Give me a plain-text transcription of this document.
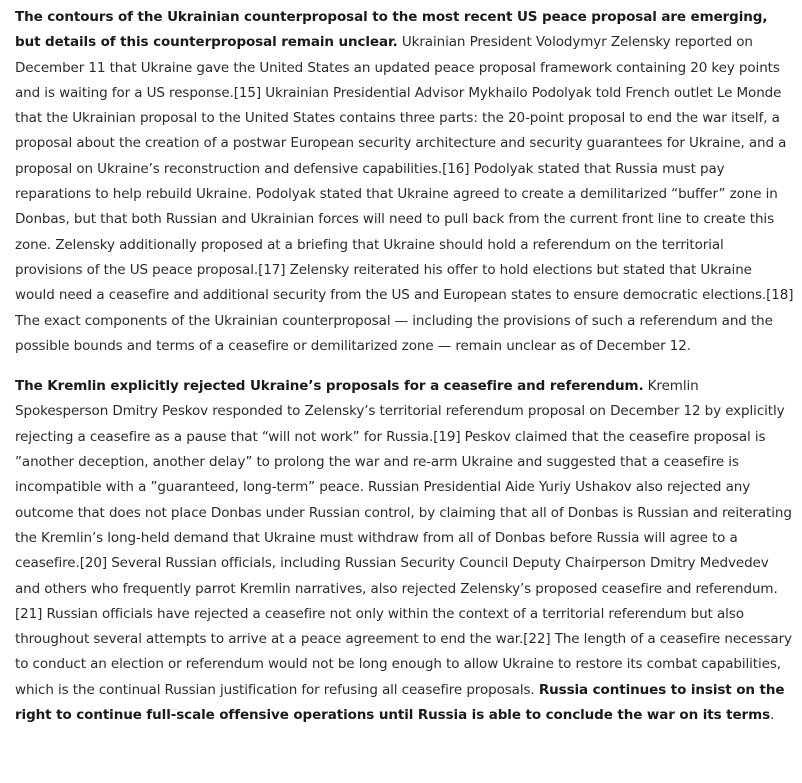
The contours of the Ukrainian counterproposal to the most recent US peace proposal are emerging, but details of this counterproposal remain unclear. Ukrainian President Volodymyr Zelensky reported on December 11 that Ukraine gave the United States an updated peace proposal framework containing 20 key points and is waiting for a US response.[15] Ukrainian Presidential Advisor Mykhailo Podolyak told French outlet Le Monde that the Ukrainian proposal to the United States contains three parts: the 20-point proposal to end the war itself, a proposal about the creation of a postwar European security architecture and security guarantees for Ukraine, and a proposal on Ukraine’s reconstruction and defensive capabilities.[16] Podolyak stated that Russia must pay reparations to help rebuild Ukraine. Podolyak stated that Ukraine agreed to create a demilitarized “buffer” zone in Donbas, but that both Russian and Ukrainian forces will need to pull back from the current front line to create this zone. Zelensky additionally proposed at a briefing that Ukraine should hold a referendum on the territorial provisions of the US peace proposal.[17] Zelensky reiterated his offer to hold elections but stated that Ukraine would need a ceasefire and additional security from the US and European states to ensure democratic elections.[18] The exact components of the Ukrainian counterproposal — including the provisions of such a referendum and the possible bounds and terms of a ceasefire or demilitarized zone — remain unclear as of December 12.

The Kremlin explicitly rejected Ukraine’s proposals for a ceasefire and referendum. Kremlin Spokesperson Dmitry Peskov responded to Zelensky’s territorial referendum proposal on December 12 by explicitly rejecting a ceasefire as a pause that “will not work” for Russia.[19] Peskov claimed that the ceasefire proposal is ”another deception, another delay” to prolong the war and re-arm Ukraine and suggested that a ceasefire is incompatible with a ”guaranteed, long-term” peace. Russian Presidential Aide Yuriy Ushakov also rejected any outcome that does not place Donbas under Russian control, by claiming that all of Donbas is Russian and reiterating the Kremlin’s long-held demand that Ukraine must withdraw from all of Donbas before Russia will agree to a ceasefire.[20] Several Russian officials, including Russian Security Council Deputy Chairperson Dmitry Medvedev and others who frequently parrot Kremlin narratives, also rejected Zelensky’s proposed ceasefire and referendum.[21] Russian officials have rejected a ceasefire not only within the context of a territorial referendum but also throughout several attempts to arrive at a peace agreement to end the war.[22] The length of a ceasefire necessary to conduct an election or referendum would not be long enough to allow Ukraine to restore its combat capabilities, which is the continual Russian justification for refusing all ceasefire proposals. Russia continues to insist on the right to continue full-scale offensive operations until Russia is able to conclude the war on its terms.
